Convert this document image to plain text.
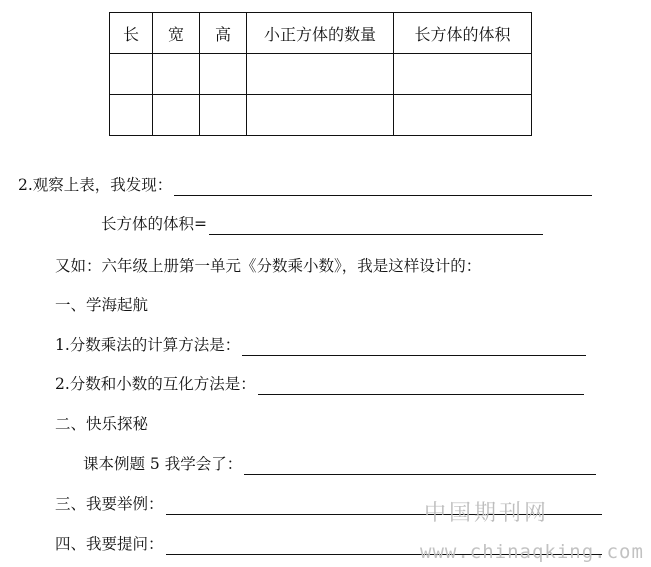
长	宽	高	小正方体的数量	长方体的体积

2.观察上表，我发现：
长方体的体积=
又如：六年级上册第一单元《分数乘小数》，我是这样设计的：
一、学海起航
1.分数乘法的计算方法是：
2.分数和小数的互化方法是：
二、快乐探秘
课本例题 5 我学会了：
三、我要举例：
四、我要提问：
中国期刊网
www.chinaqking.com
